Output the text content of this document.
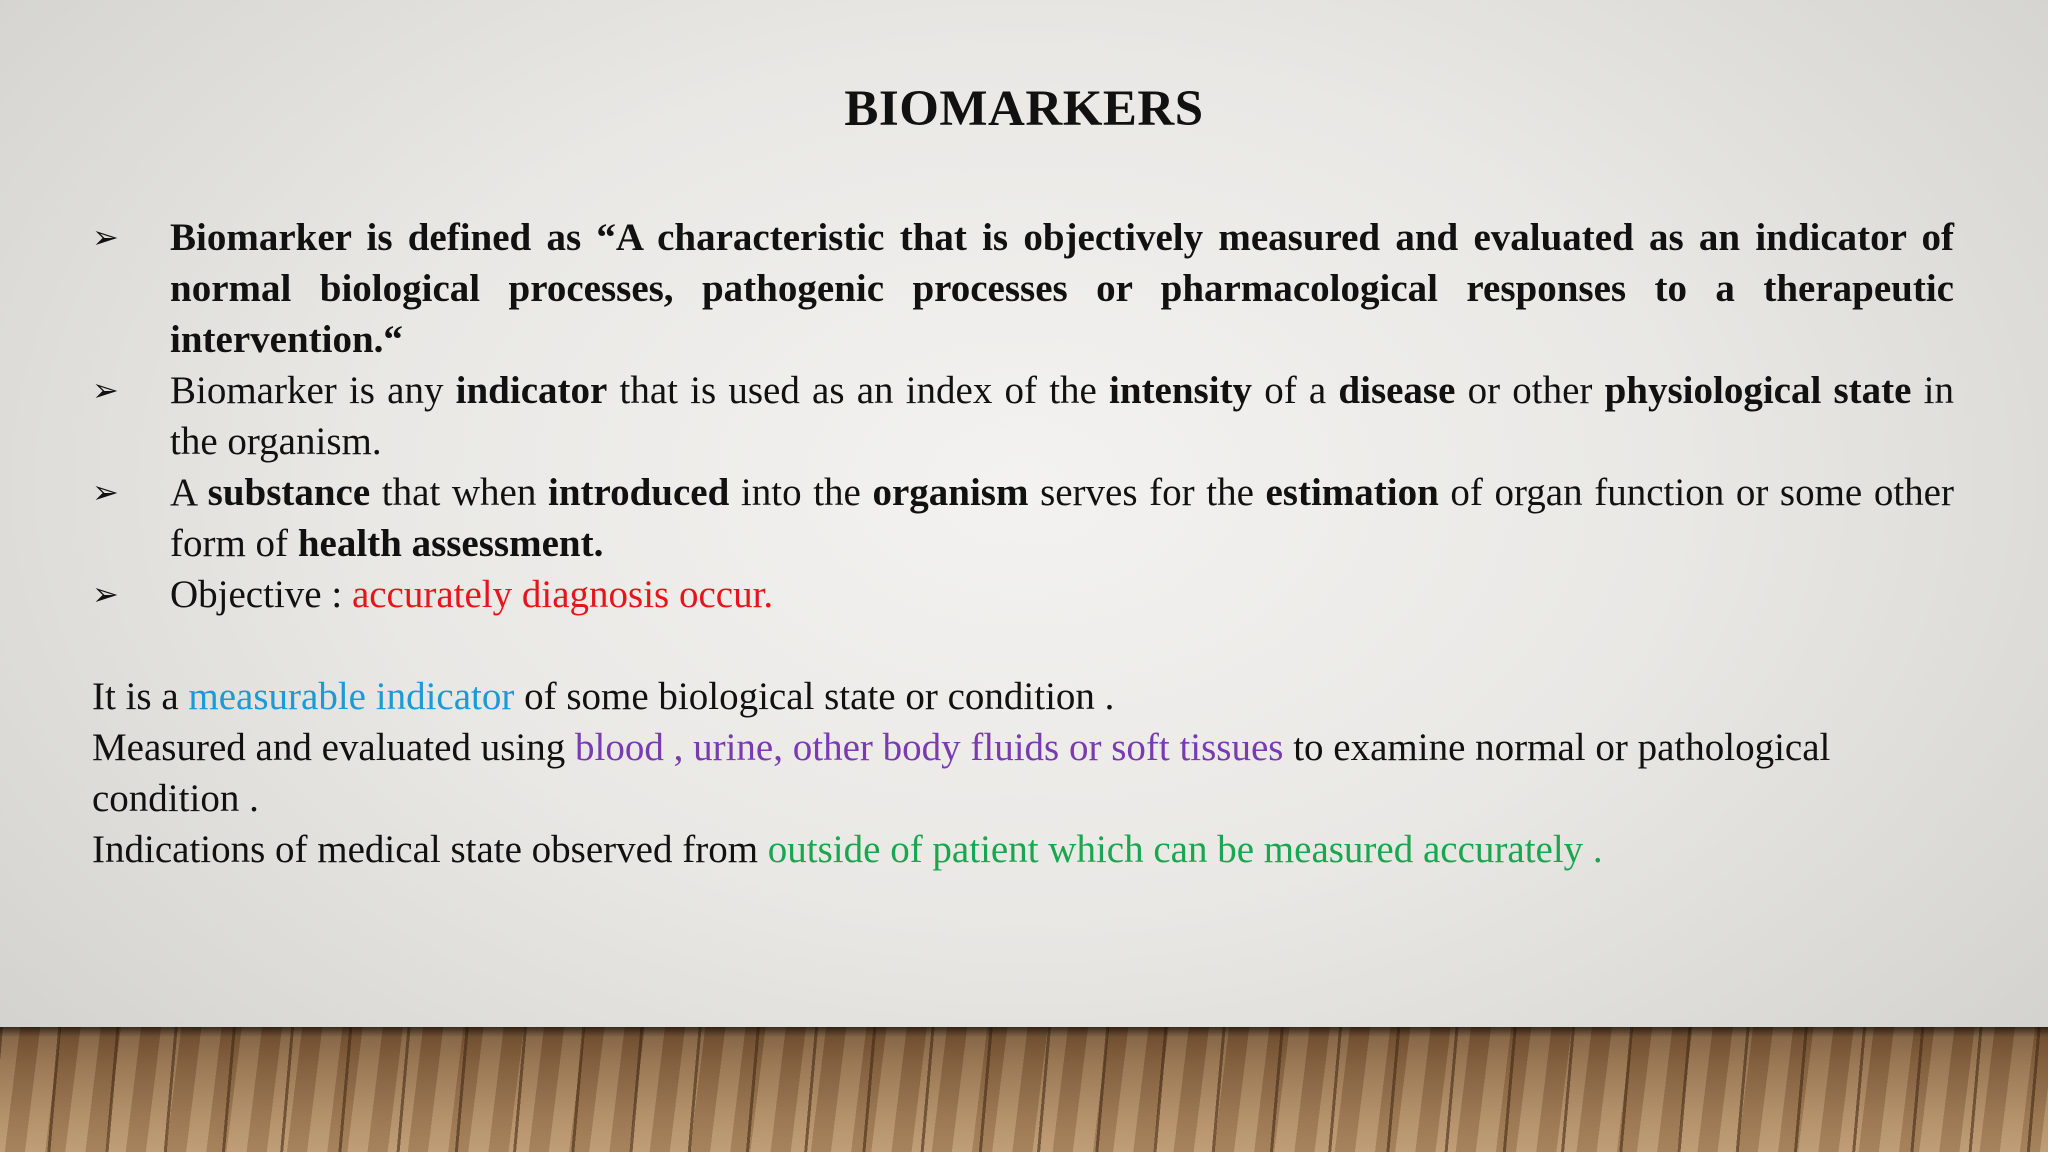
BIOMARKERS
➢ Biomarker is defined as “A characteristic that is objectively measured and evaluated as an indicator of normal biological processes, pathogenic processes or pharmacological responses to a therapeutic intervention.“
➢ Biomarker is any indicator that is used as an index of the intensity of a disease or other physiological state in the organism.
➢ A substance that when introduced into the organism serves for the estimation of organ function or some other form of health assessment.
➢ Objective : accurately diagnosis occur.

It is a measurable indicator of some biological state or condition .

Measured and evaluated using blood , urine, other body fluids or soft tissues to examine normal or pathological condition .

Indications of medical state observed from outside of patient which can be measured accurately .
